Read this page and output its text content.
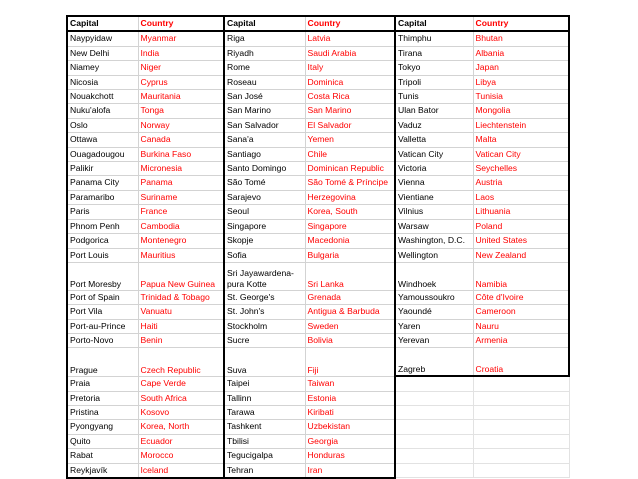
Capital	Country	Capital	Country	Capital	Country
Naypyidaw	Myanmar	Riga	Latvia	Thimphu	Bhutan
New Delhi	India	Riyadh	Saudi Arabia	Tirana	Albania
Niamey	Niger	Rome	Italy	Tokyo	Japan
Nicosia	Cyprus	Roseau	Dominica	Tripoli	Libya
Nouakchott	Mauritania	San José	Costa Rica	Tunis	Tunisia
Nuku'alofa	Tonga	San Marino	San Marino	Ulan Bator	Mongolia
Oslo	Norway	San Salvador	El Salvador	Vaduz	Liechtenstein
Ottawa	Canada	Sana'a	Yemen	Valletta	Malta
Ouagadougou	Burkina Faso	Santiago	Chile	Vatican City	Vatican City
Palikir	Micronesia	Santo Domingo	Dominican Republic	Victoria	Seychelles
Panama City	Panama	São Tomé	São Tomé & Príncipe	Vienna	Austria
Paramaribo	Suriname	Sarajevo	Herzegovina	Vientiane	Laos
Paris	France	Seoul	Korea, South	Vilnius	Lithuania
Phnom Penh	Cambodia	Singapore	Singapore	Warsaw	Poland
Podgorica	Montenegro	Skopje	Macedonia	Washington, D.C.	United States
Port Louis	Mauritius	Sofia	Bulgaria	Wellington	New Zealand
Port Moresby	Papua New Guinea	Sri Jayawardena-pura Kotte	Sri Lanka	Windhoek	Namibia
Port of Spain	Trinidad & Tobago	St. George's	Grenada	Yamoussoukro	Côte d'Ivoire
Port Vila	Vanuatu	St. John's	Antigua & Barbuda	Yaoundé	Cameroon
Port-au-Prince	Haiti	Stockholm	Sweden	Yaren	Nauru
Porto-Novo	Benin	Sucre	Bolivia	Yerevan	Armenia
Prague	Czech Republic	Suva	Fiji	Zagreb	Croatia
Praia	Cape Verde	Taipei	Taiwan		
Pretoria	South Africa	Tallinn	Estonia		
Pristina	Kosovo	Tarawa	Kiribati		
Pyongyang	Korea, North	Tashkent	Uzbekistan		
Quito	Ecuador	Tbilisi	Georgia		
Rabat	Morocco	Tegucigalpa	Honduras		
Reykjavík	Iceland	Tehran	Iran		
